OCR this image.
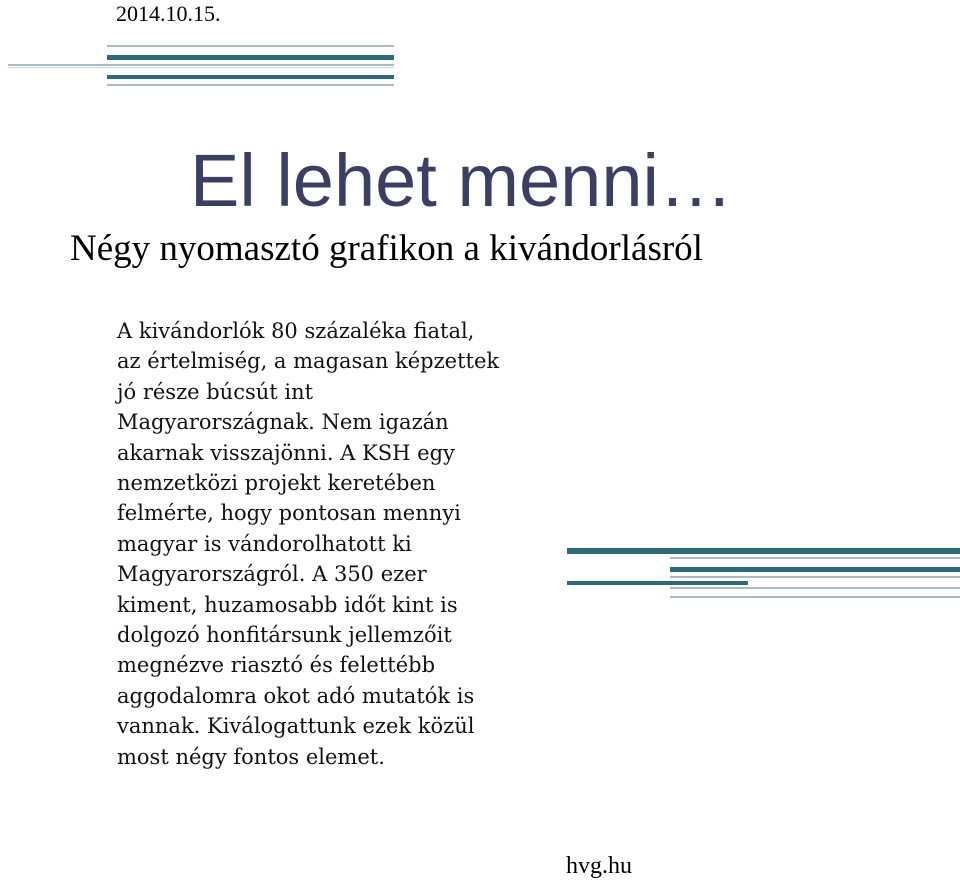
2014.10.15.
El lehet menni…
Négy nyomasztó grafikon a kivándorlásról

A kivándorlók 80 százaléka fiatal,
az értelmiség, a magasan képzettek
jó része búcsút int
Magyarországnak. Nem igazán
akarnak visszajönni. A KSH egy
nemzetközi projekt keretében
felmérte, hogy pontosan mennyi
magyar is vándorolhatott ki
Magyarországról. A 350 ezer
kiment, huzamosabb időt kint is
dolgozó honfitársunk jellemzőit
megnézve riasztó és felettébb
aggodalomra okot adó mutatók is
vannak. Kiválogattunk ezek közül
most négy fontos elemet.

hvg.hu
